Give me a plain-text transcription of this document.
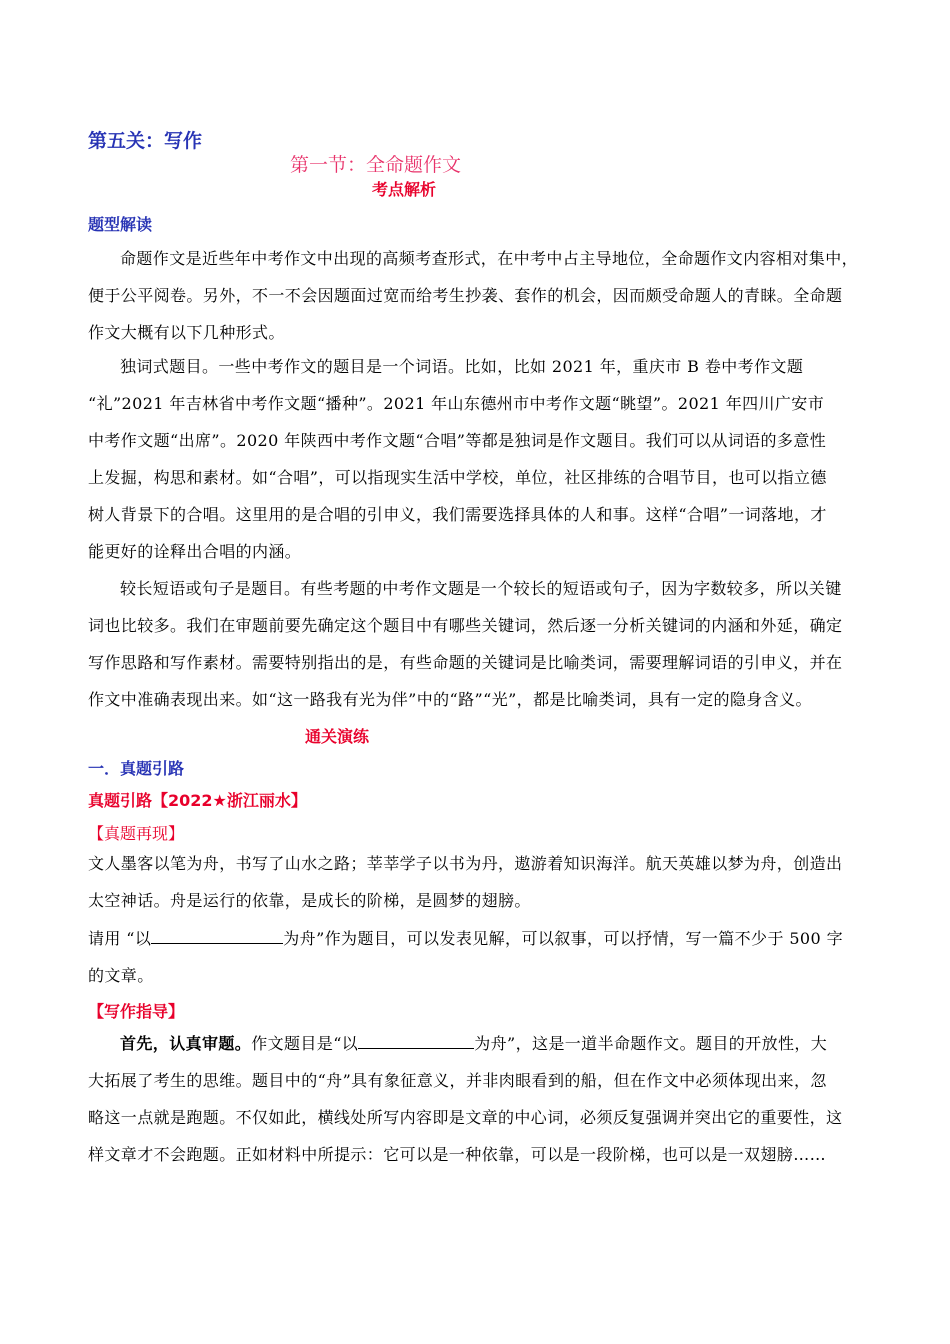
第五关：写作
第一节：全命题作文
考点解析
题型解读
命题作文是近些年中考作文中出现的高频考查形式，在中考中占主导地位，全命题作文内容相对集中，
便于公平阅卷。另外，不一不会因题面过宽而给考生抄袭、套作的机会，因而颇受命题人的青睐。全命题
作文大概有以下几种形式。
独词式题目。一些中考作文的题目是一个词语。比如，比如 2021 年，重庆市 B 卷中考作文题
“礼”2021 年吉林省中考作文题“播种”。2021 年山东德州市中考作文题“眺望”。2021 年四川广安市
中考作文题“出席”。2020 年陕西中考作文题“合唱”等都是独词是作文题目。我们可以从词语的多意性
上发掘，构思和素材。如“合唱”，可以指现实生活中学校，单位，社区排练的合唱节目，也可以指立德
树人背景下的合唱。这里用的是合唱的引申义，我们需要选择具体的人和事。这样“合唱”一词落地，才
能更好的诠释出合唱的内涵。
较长短语或句子是题目。有些考题的中考作文题是一个较长的短语或句子，因为字数较多，所以关键
词也比较多。我们在审题前要先确定这个题目中有哪些关键词，然后逐一分析关键词的内涵和外延，确定
写作思路和写作素材。需要特别指出的是，有些命题的关键词是比喻类词，需要理解词语的引申义，并在
作文中准确表现出来。如“这一路我有光为伴”中的“路”“光”，都是比喻类词，具有一定的隐身含义。
通关演练
一．真题引路
真题引路【2022★浙江丽水】
【真题再现】
文人墨客以笔为舟，书写了山水之路；莘莘学子以书为丹，遨游着知识海洋。航天英雄以梦为舟，创造出
太空神话。舟是运行的依靠，是成长的阶梯，是圆梦的翅膀。
请用 “以	为舟”作为题目，可以发表见解，可以叙事，可以抒情，写一篇不少于 500 字
的文章。
【写作指导】
首先，认真审题。作文题目是“以	为舟”，这是一道半命题作文。题目的开放性，大
大拓展了考生的思维。题目中的“舟”具有象征意义，并非肉眼看到的船，但在作文中必须体现出来，忽
略这一点就是跑题。不仅如此，横线处所写内容即是文章的中心词，必须反复强调并突出它的重要性，这
样文章才不会跑题。正如材料中所提示：它可以是一种依靠，可以是一段阶梯，也可以是一双翅膀……
